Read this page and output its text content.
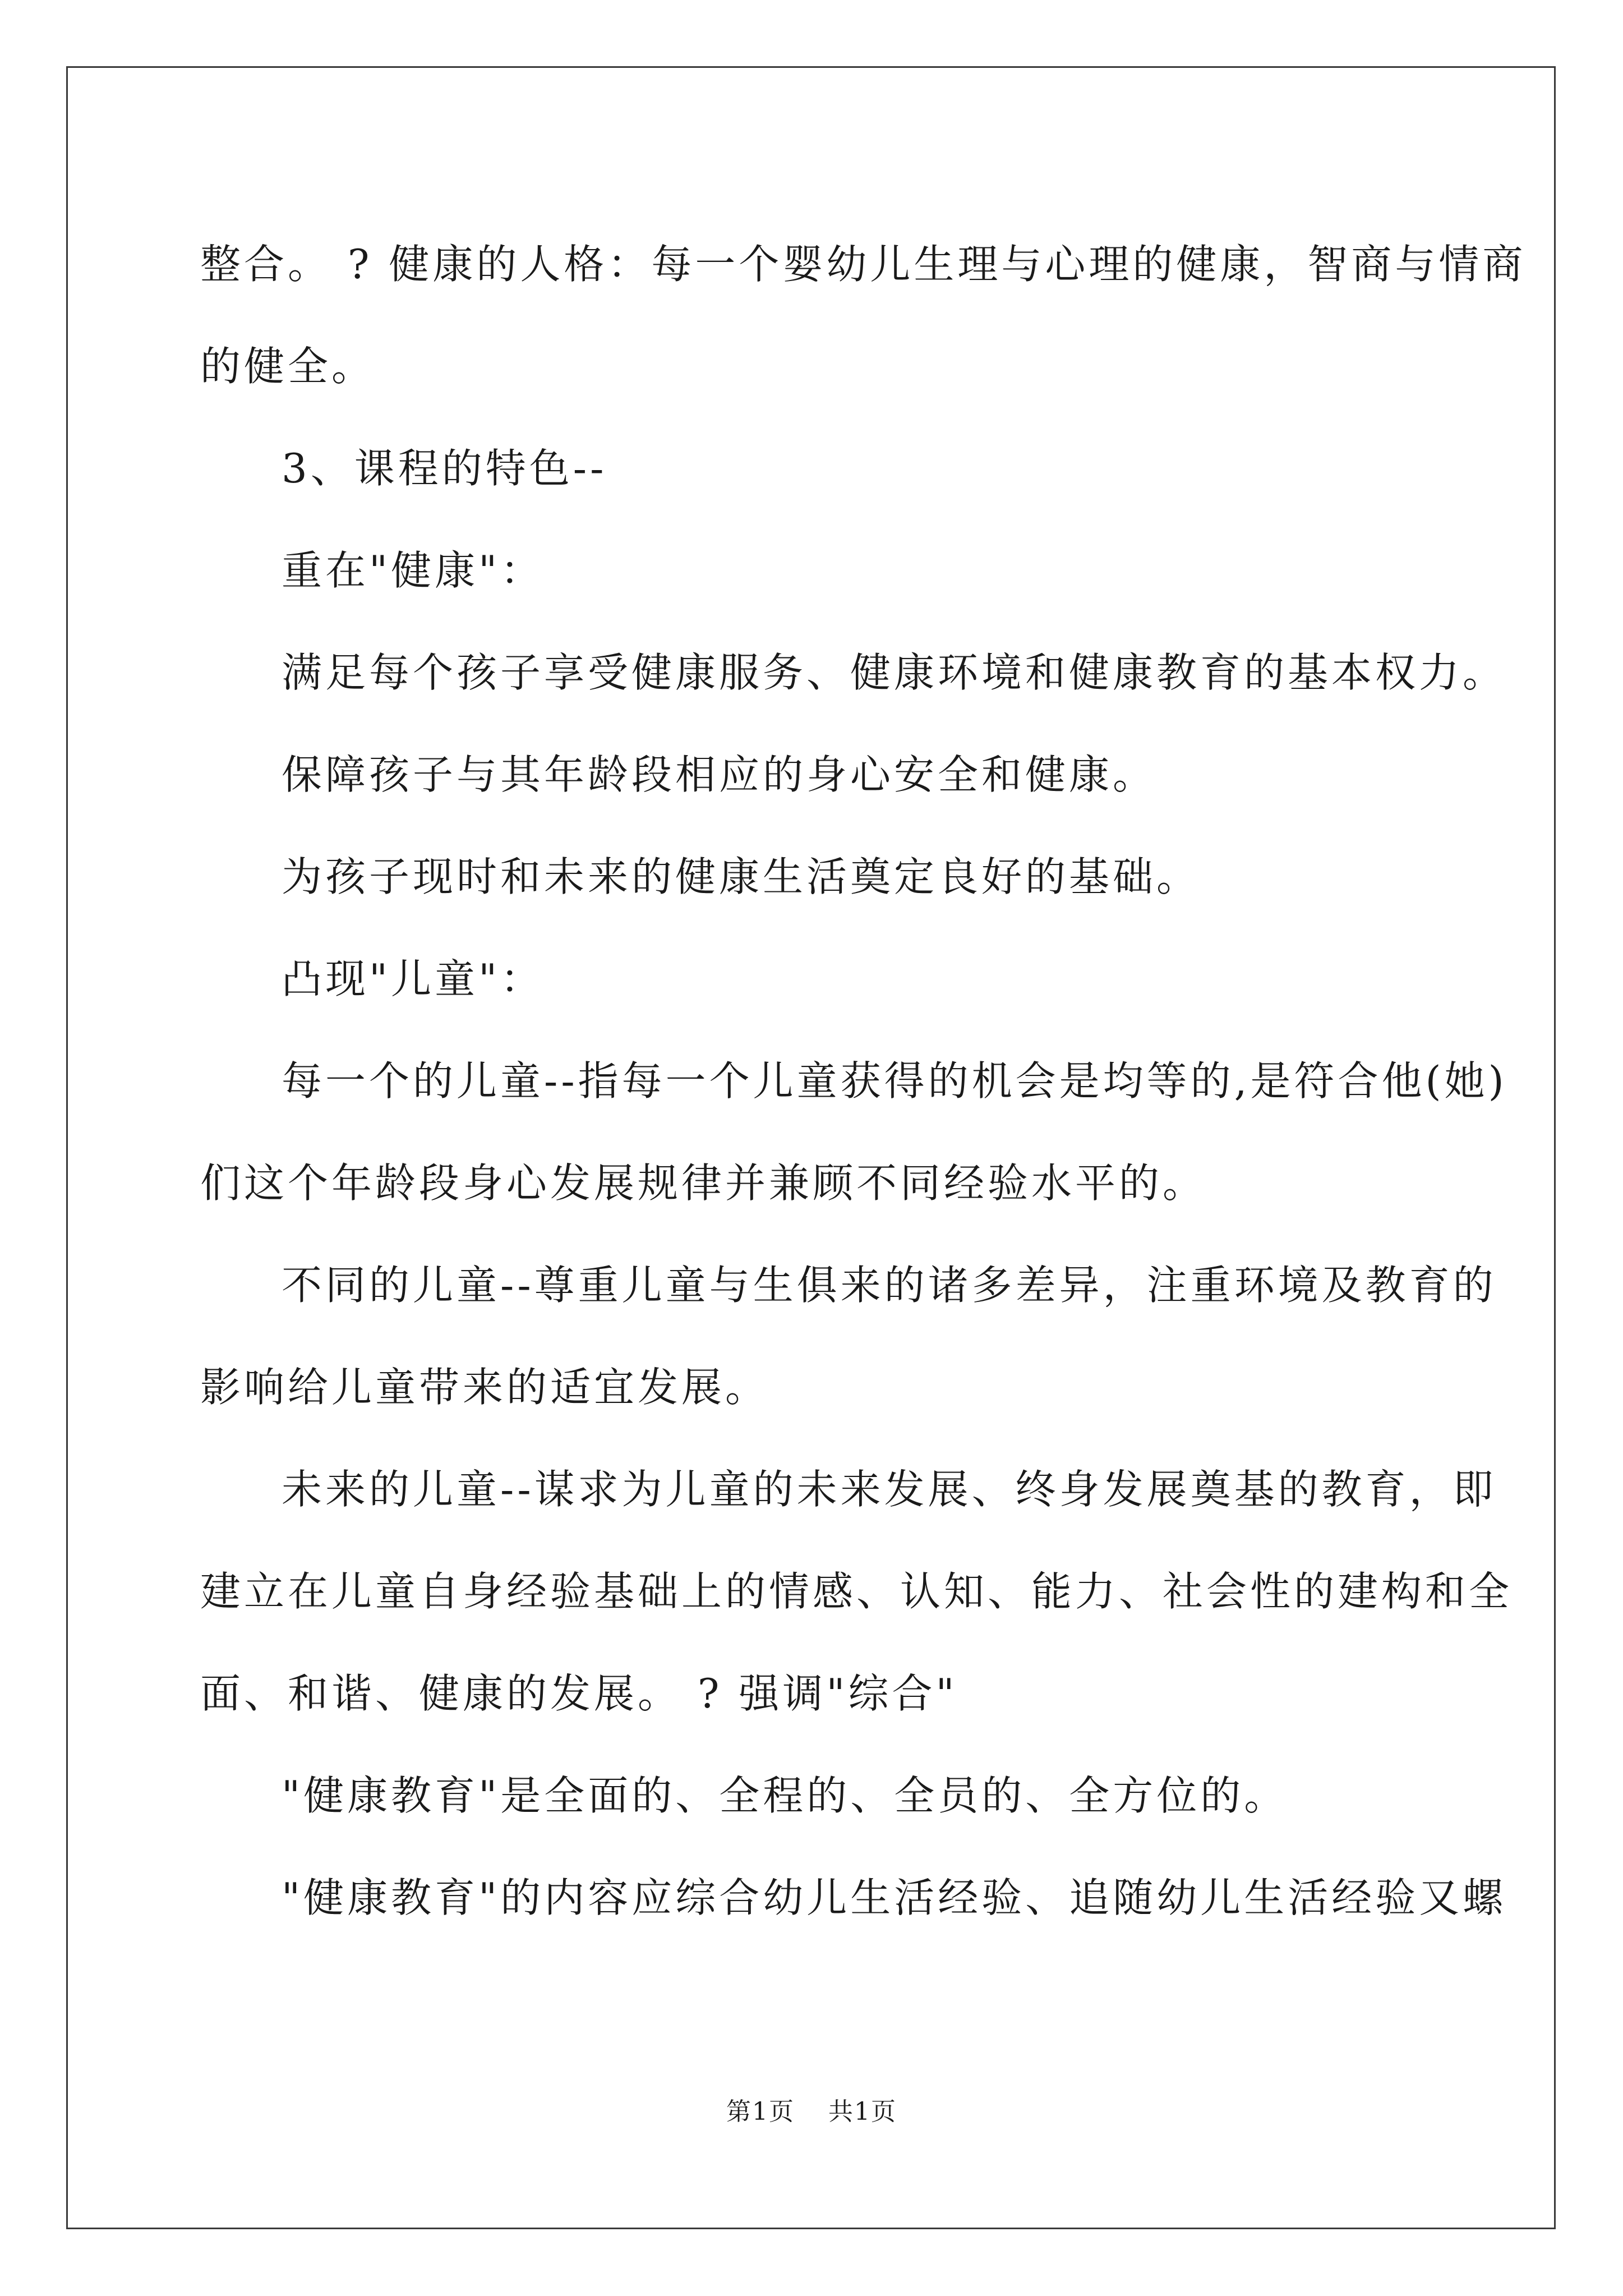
整合。 ? 健康的人格：每一个婴幼儿生理与心理的健康，智商与情商

的健全。

3、课程的特色--

重在"健康"：

满足每个孩子享受健康服务、健康环境和健康教育的基本权力。

保障孩子与其年龄段相应的身心安全和健康。

为孩子现时和未来的健康生活奠定良好的基础。

凸现"儿童"：

每一个的儿童--指每一个儿童获得的机会是均等的,是符合他(她)

们这个年龄段身心发展规律并兼顾不同经验水平的。

不同的儿童--尊重儿童与生俱来的诸多差异，注重环境及教育的

影响给儿童带来的适宜发展。

未来的儿童--谋求为儿童的未来发展、终身发展奠基的教育，即

建立在儿童自身经验基础上的情感、认知、能力、社会性的建构和全

面、和谐、健康的发展。 ? 强调"综合"

"健康教育"是全面的、全程的、全员的、全方位的。

"健康教育"的内容应综合幼儿生活经验、追随幼儿生活经验又螺

第1页 共1页
